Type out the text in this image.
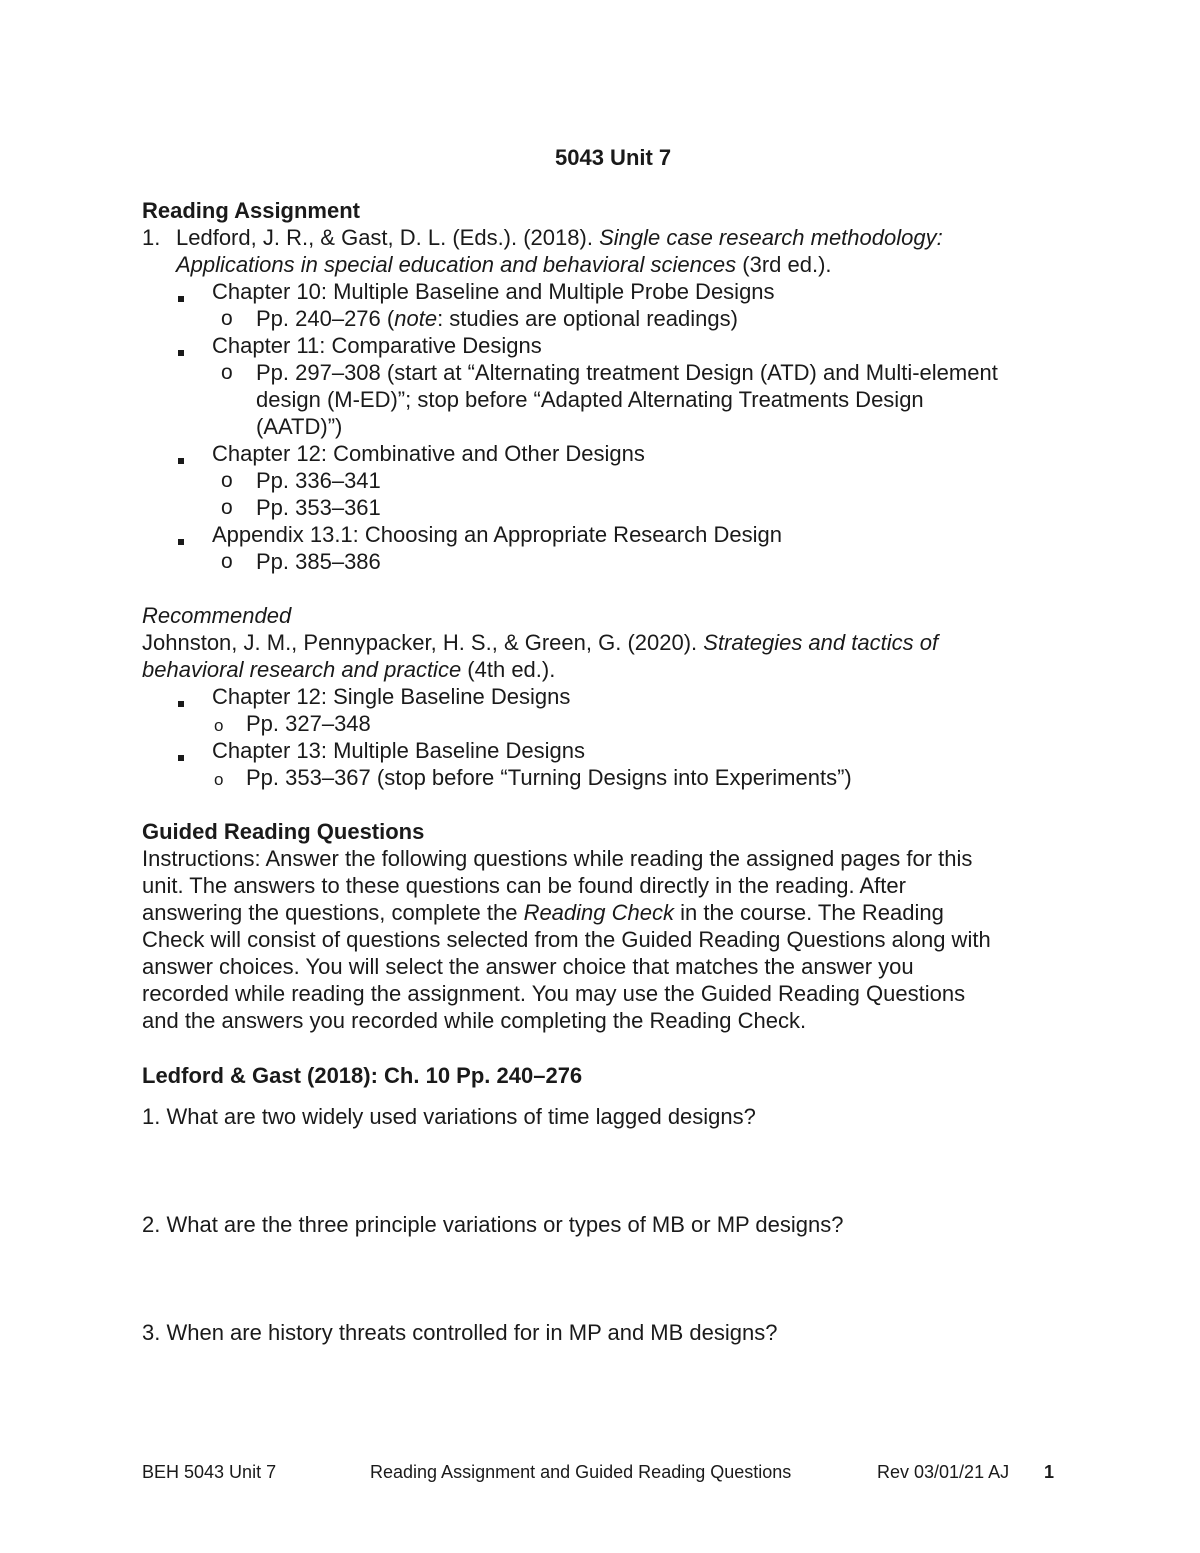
5043 Unit 7
Reading Assignment
1. Ledford, J. R., & Gast, D. L. (Eds.). (2018). Single case research methodology:
Applications in special education and behavioral sciences (3rd ed.).
Chapter 10: Multiple Baseline and Multiple Probe Designs
o Pp. 240–276 (note: studies are optional readings)
Chapter 11: Comparative Designs
o Pp. 297–308 (start at “Alternating treatment Design (ATD) and Multi-element
design (M-ED)”; stop before “Adapted Alternating Treatments Design
(AATD)”)
Chapter 12: Combinative and Other Designs
o Pp. 336–341
o Pp. 353–361
Appendix 13.1: Choosing an Appropriate Research Design
o Pp. 385–386
Recommended
Johnston, J. M., Pennypacker, H. S., & Green, G. (2020). Strategies and tactics of
behavioral research and practice (4th ed.).
Chapter 12: Single Baseline Designs
o Pp. 327–348
Chapter 13: Multiple Baseline Designs
o Pp. 353–367 (stop before “Turning Designs into Experiments”)
Guided Reading Questions
Instructions: Answer the following questions while reading the assigned pages for this
unit. The answers to these questions can be found directly in the reading. After
answering the questions, complete the Reading Check in the course. The Reading
Check will consist of questions selected from the Guided Reading Questions along with
answer choices. You will select the answer choice that matches the answer you
recorded while reading the assignment. You may use the Guided Reading Questions
and the answers you recorded while completing the Reading Check.
Ledford & Gast (2018): Ch. 10 Pp. 240–276
1. What are two widely used variations of time lagged designs?
2. What are the three principle variations or types of MB or MP designs?
3. When are history threats controlled for in MP and MB designs?
BEH 5043 Unit 7	Reading Assignment and Guided Reading Questions	Rev 03/01/21 AJ 1
